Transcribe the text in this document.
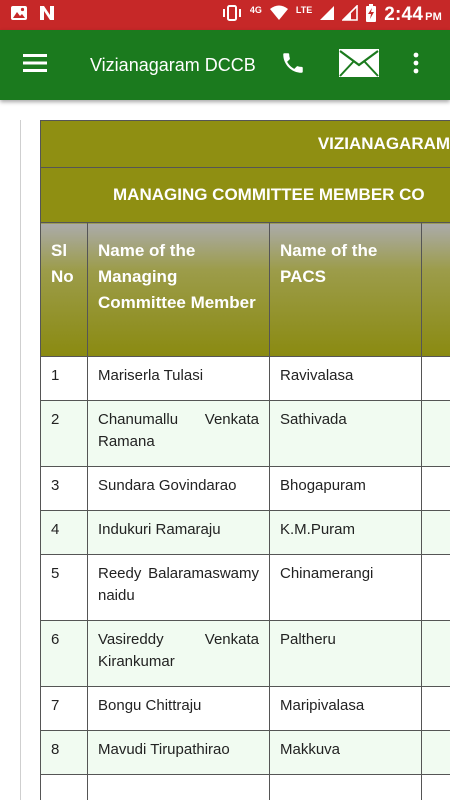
4G	LTE	2:44 PM
Vizianagaram DCCB
VIZIANAGARAM			
MANAGING COMMITTEE MEMBER CO			
Sl No	Name of the Managing Committee Member	Name of the PACS	
1	Mariserla Tulasi	Ravivalasa	
2	Chanumallu Venkata Ramana	Sathivada	
3	Sundara Govindarao	Bhogapuram	
4	Indukuri Ramaraju	K.M.Puram	
5	Reedy Balaramaswamynaidu	Chinamerangi	
6	Vasireddy Venkata Kirankumar	Paltheru	
7	Bongu Chittraju	Maripivalasa	
8	Mavudi Tirupathirao	Makkuva	
